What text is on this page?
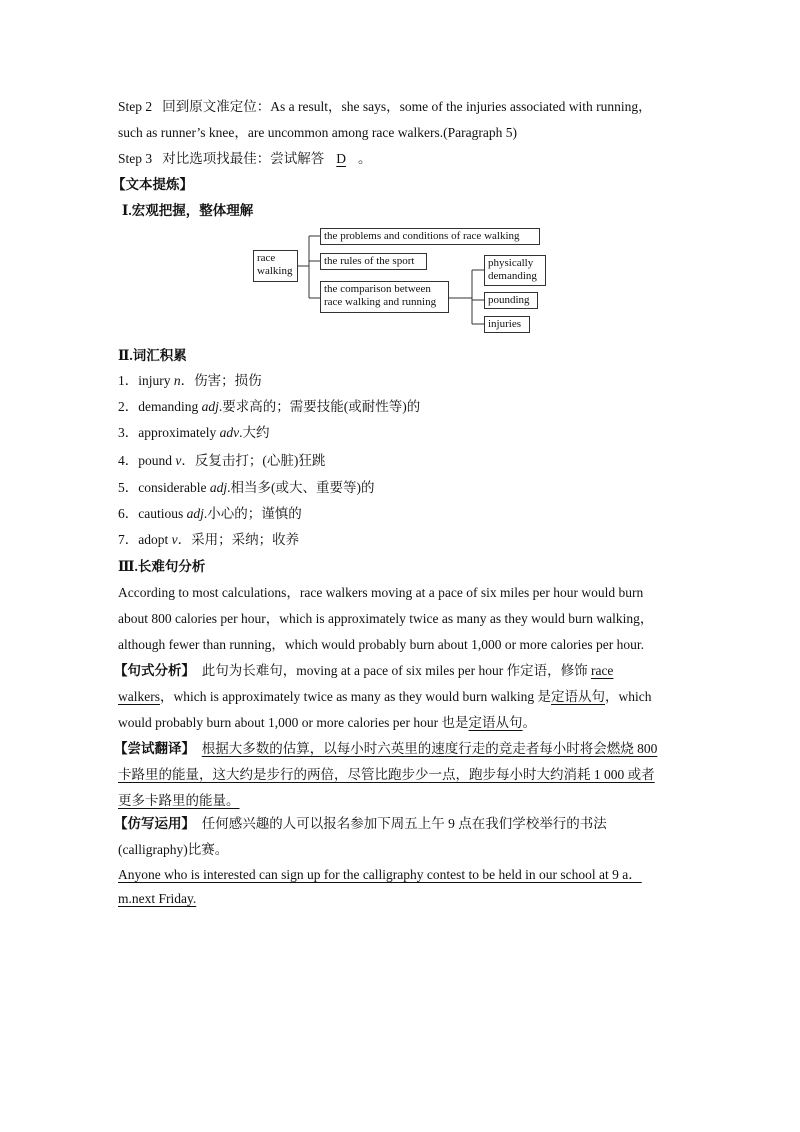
Step 2 回到原文准定位：As a result，she says，some of the injuries associated with running，
such as runner’s knee，are uncommon among race walkers.(Paragraph 5)
Step 3 对比选项找最佳：尝试解答 D 。
【文本提炼】
Ⅰ.宏观把握，整体理解
race walking
the problems and conditions of race walking
the rules of the sport
the comparison between race walking and running
physically demanding
pounding
injuries
Ⅱ.词汇积累
1．injury n．伤害；损伤
2．demanding adj.要求高的；需要技能(或耐性等)的
3．approximately adv.大约
4．pound v．反复击打；(心脏)狂跳
5．considerable adj.相当多(或大、重要等)的
6．cautious adj.小心的；谨慎的
7．adopt v．采用；采纳；收养
Ⅲ.长难句分析
According to most calculations，race walkers moving at a pace of six miles per hour would burn
about 800 calories per hour，which is approximately twice as many as they would burn walking，
although fewer than running，which would probably burn about 1,000 or more calories per hour.
【句式分析】 此句为长难句，moving at a pace of six miles per hour 作定语，修饰 race
walkers，which is approximately twice as many as they would burn walking 是定语从句，which
would probably burn about 1,000 or more calories per hour 也是定语从句。
【尝试翻译】 根据大多数的估算，以每小时六英里的速度行走的竞走者每小时将会燃烧 800
卡路里的能量，这大约是步行的两倍，尽管比跑步少一点，跑步每小时大约消耗 1 000 或者
更多卡路里的能量。
【仿写运用】 任何感兴趣的人可以报名参加下周五上午 9 点在我们学校举行的书法
(calligraphy)比赛。
Anyone who is interested can sign up for the calligraphy contest to be held in our school at 9 a．
m.next Friday.
